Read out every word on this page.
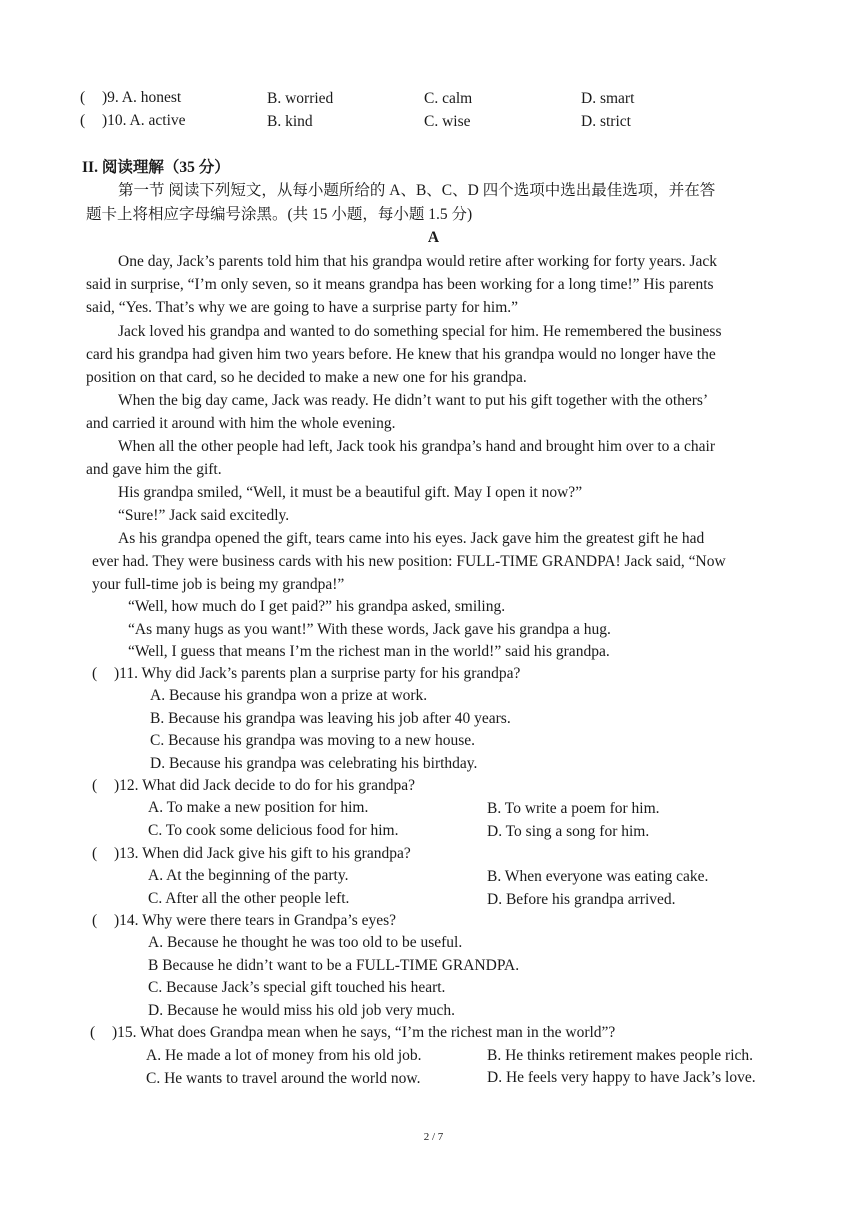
( )9. A. honest	B. worried	C. calm	D. smart
( )10. A. active	B. kind	C. wise	D. strict
II. 阅读理解（35 分）
第一节 阅读下列短文，从每小题所给的 A、B、C、D 四个选项中选出最佳选项，并在答
题卡上将相应字母编号涂黑。(共 15 小题，每小题 1.5 分)
A
One day, Jack’s parents told him that his grandpa would retire after working for forty years. Jack
said in surprise, “I’m only seven, so it means grandpa has been working for a long time!” His parents
said, “Yes. That’s why we are going to have a surprise party for him.”
Jack loved his grandpa and wanted to do something special for him. He remembered the business
card his grandpa had given him two years before. He knew that his grandpa would no longer have the
position on that card, so he decided to make a new one for his grandpa.
When the big day came, Jack was ready. He didn’t want to put his gift together with the others’
and carried it around with him the whole evening.
When all the other people had left, Jack took his grandpa’s hand and brought him over to a chair
and gave him the gift.
His grandpa smiled, “Well, it must be a beautiful gift. May I open it now?”
“Sure!” Jack said excitedly.
As his grandpa opened the gift, tears came into his eyes. Jack gave him the greatest gift he had
ever had. They were business cards with his new position: FULL-TIME GRANDPA! Jack said, “Now
your full-time job is being my grandpa!”
“Well, how much do I get paid?” his grandpa asked, smiling.
“As many hugs as you want!” With these words, Jack gave his grandpa a hug.
“Well, I guess that means I’m the richest man in the world!” said his grandpa.
( )11. Why did Jack’s parents plan a surprise party for his grandpa?
A. Because his grandpa won a prize at work.
B. Because his grandpa was leaving his job after 40 years.
C. Because his grandpa was moving to a new house.
D. Because his grandpa was celebrating his birthday.
( )12. What did Jack decide to do for his grandpa?
A. To make a new position for him.	B. To write a poem for him.
C. To cook some delicious food for him.	D. To sing a song for him.
( )13. When did Jack give his gift to his grandpa?
A. At the beginning of the party.	B. When everyone was eating cake.
C. After all the other people left.	D. Before his grandpa arrived.
( )14. Why were there tears in Grandpa’s eyes?
A. Because he thought he was too old to be useful.
B Because he didn’t want to be a FULL-TIME GRANDPA.
C. Because Jack’s special gift touched his heart.
D. Because he would miss his old job very much.
( )15. What does Grandpa mean when he says, “I’m the richest man in the world”?
A. He made a lot of money from his old job.	B. He thinks retirement makes people rich.
C. He wants to travel around the world now.	D. He feels very happy to have Jack’s love.
2 / 7
